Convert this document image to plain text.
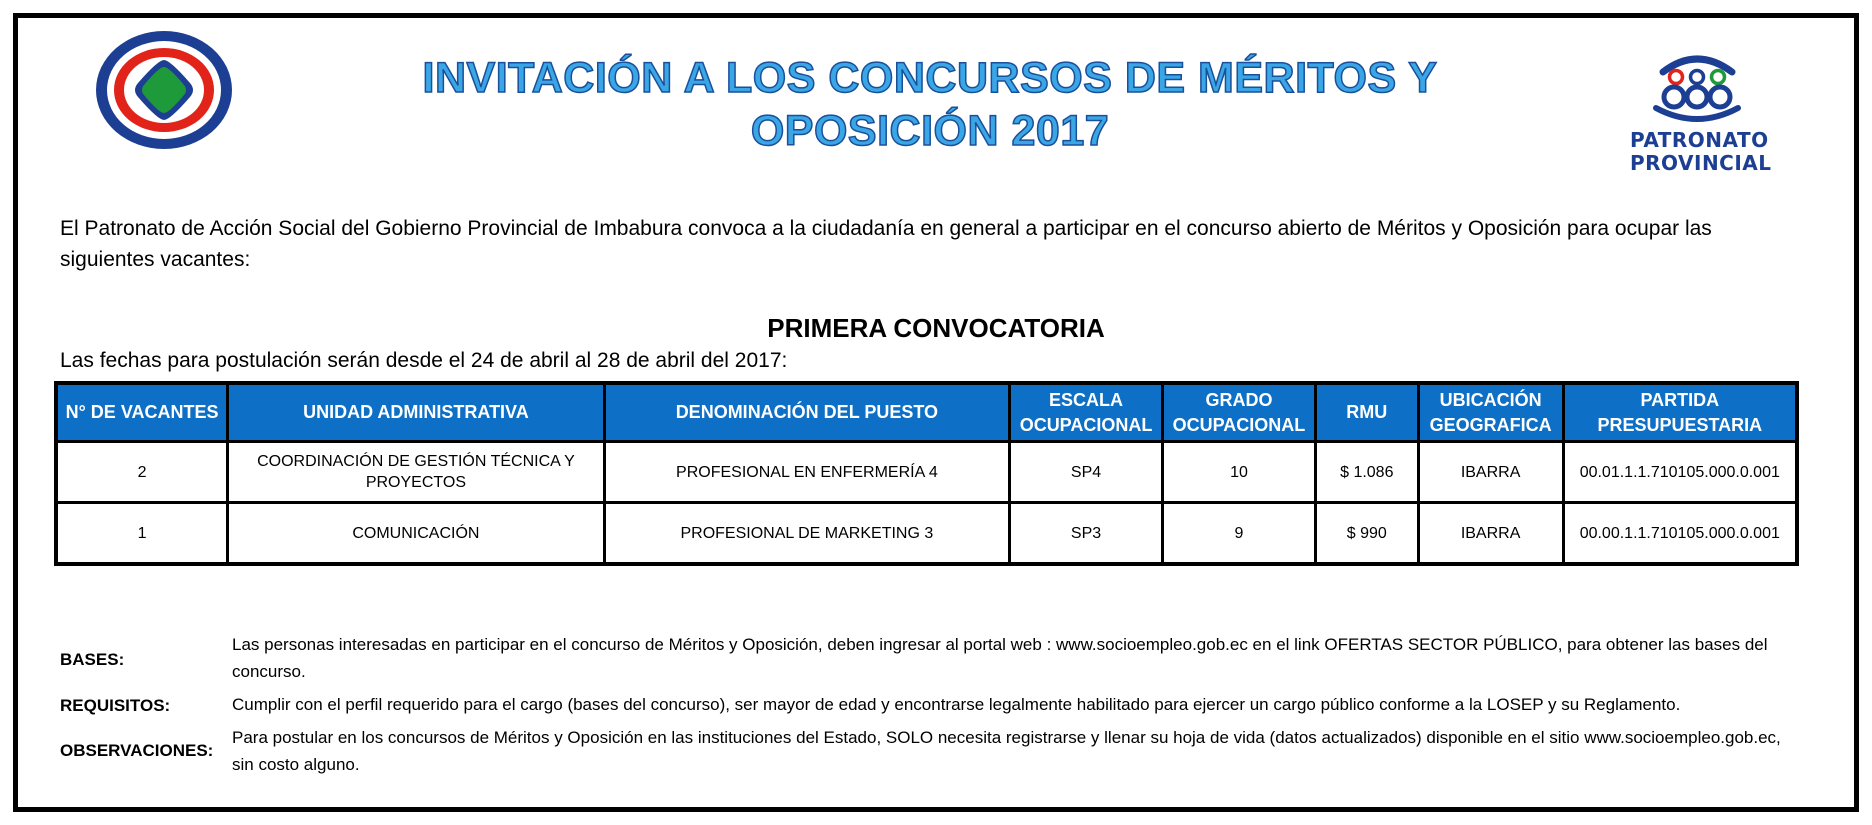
PATRONATO
PROVINCIAL
INVITACIÓN A LOS CONCURSOS DE MÉRITOS Y
OPOSICIÓN 2017
El Patronato de Acción Social del Gobierno Provincial de Imbabura convoca a la ciudadanía en general a participar en el concurso abierto de Méritos y Oposición para ocupar las siguientes vacantes:
PRIMERA CONVOCATORIA
Las fechas para postulación serán desde el 24 de abril al 28 de abril del 2017:
N° DE VACANTES	UNIDAD ADMINISTRATIVA	DENOMINACIÓN DEL PUESTO	ESCALA OCUPACIONAL	GRADO OCUPACIONAL	RMU	UBICACIÓN GEOGRAFICA	PARTIDA PRESUPUESTARIA
2	COORDINACIÓN DE GESTIÓN TÉCNICA Y PROYECTOS	PROFESIONAL EN ENFERMERÍA 4	SP4	10	$ 1.086	IBARRA	00.01.1.1.710105.000.0.001
1	COMUNICACIÓN	PROFESIONAL DE MARKETING 3	SP3	9	$ 990	IBARRA	00.00.1.1.710105.000.0.001
BASES:
Las personas interesadas en participar en el concurso de Méritos y Oposición, deben ingresar al portal web : www.socioempleo.gob.ec en el link OFERTAS SECTOR PÚBLICO, para obtener las bases del concurso.
REQUISITOS:	Cumplir con el perfil requerido para el cargo (bases del concurso), ser mayor de edad y encontrarse legalmente habilitado para ejercer un cargo público conforme a la LOSEP y su Reglamento.
OBSERVACIONES:
Para postular en los concursos de Méritos y Oposición en las instituciones del Estado, SOLO necesita registrarse y llenar su hoja de vida (datos actualizados) disponible en el sitio www.socioempleo.gob.ec, sin costo alguno.
